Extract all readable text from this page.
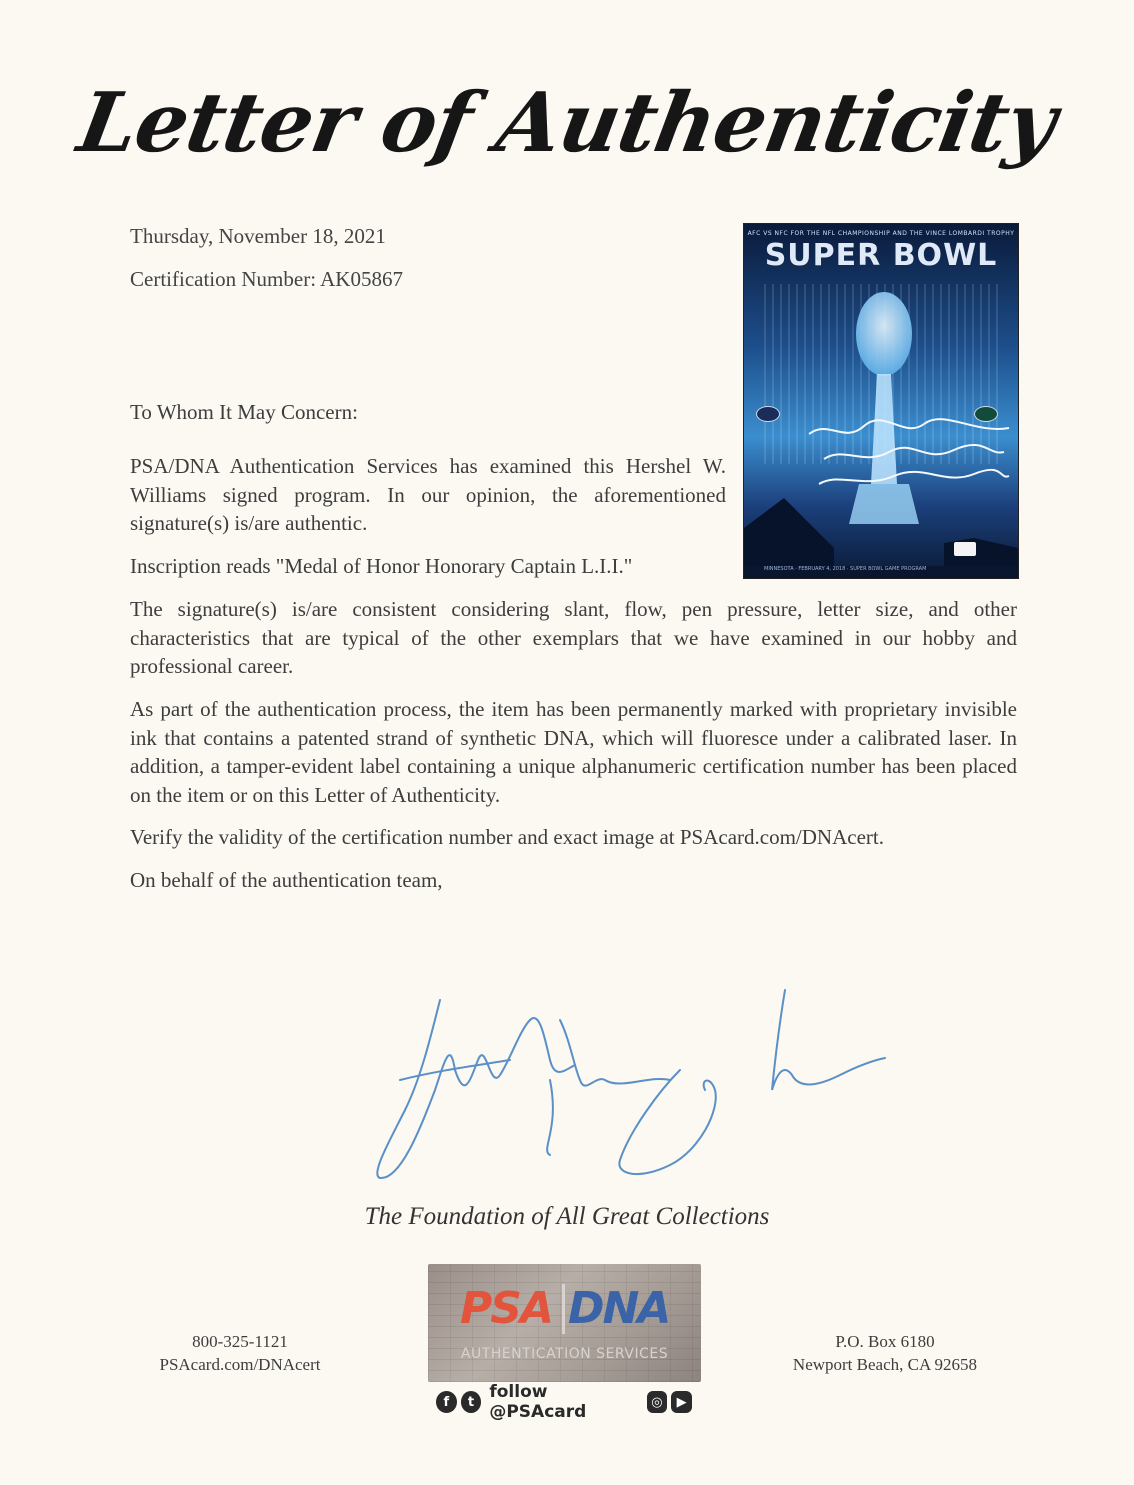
Letter of Authenticity
Thursday, November 18, 2021
Certification Number: AK05867
AFC VS NFC FOR THE NFL CHAMPIONSHIP AND THE VINCE LOMBARDI TROPHY
SUPER BOWL
MINNESOTA · FEBRUARY 4, 2018 · SUPER BOWL GAME PROGRAM

To Whom It May Concern:

PSA/DNA Authentication Services has examined this Hershel W. Williams signed program. In our opinion, the aforementioned signature(s) is/are authentic.

Inscription reads "Medal of Honor Honorary Captain L.I.I."

The signature(s) is/are consistent considering slant, flow, pen pressure, letter size, and other characteristics that are typical of the other exemplars that we have examined in our hobby and professional career.

As part of the authentication process, the item has been permanently marked with proprietary invisible ink that contains a patented strand of synthetic DNA, which will fluoresce under a calibrated laser. In addition, a tamper-evident label containing a unique alphanumeric certification number has been placed on the item or on this Letter of Authenticity.

Verify the validity of the certification number and exact image at PSAcard.com/DNAcert.

On behalf of the authentication team,

The Foundation of All Great Collections
800-325-1121
PSAcard.com/DNAcert
PSA DNA
AUTHENTICATION SERVICES
P.O. Box 6180
Newport Beach, CA 92658
f	t follow @PSAcard	◎	▶
